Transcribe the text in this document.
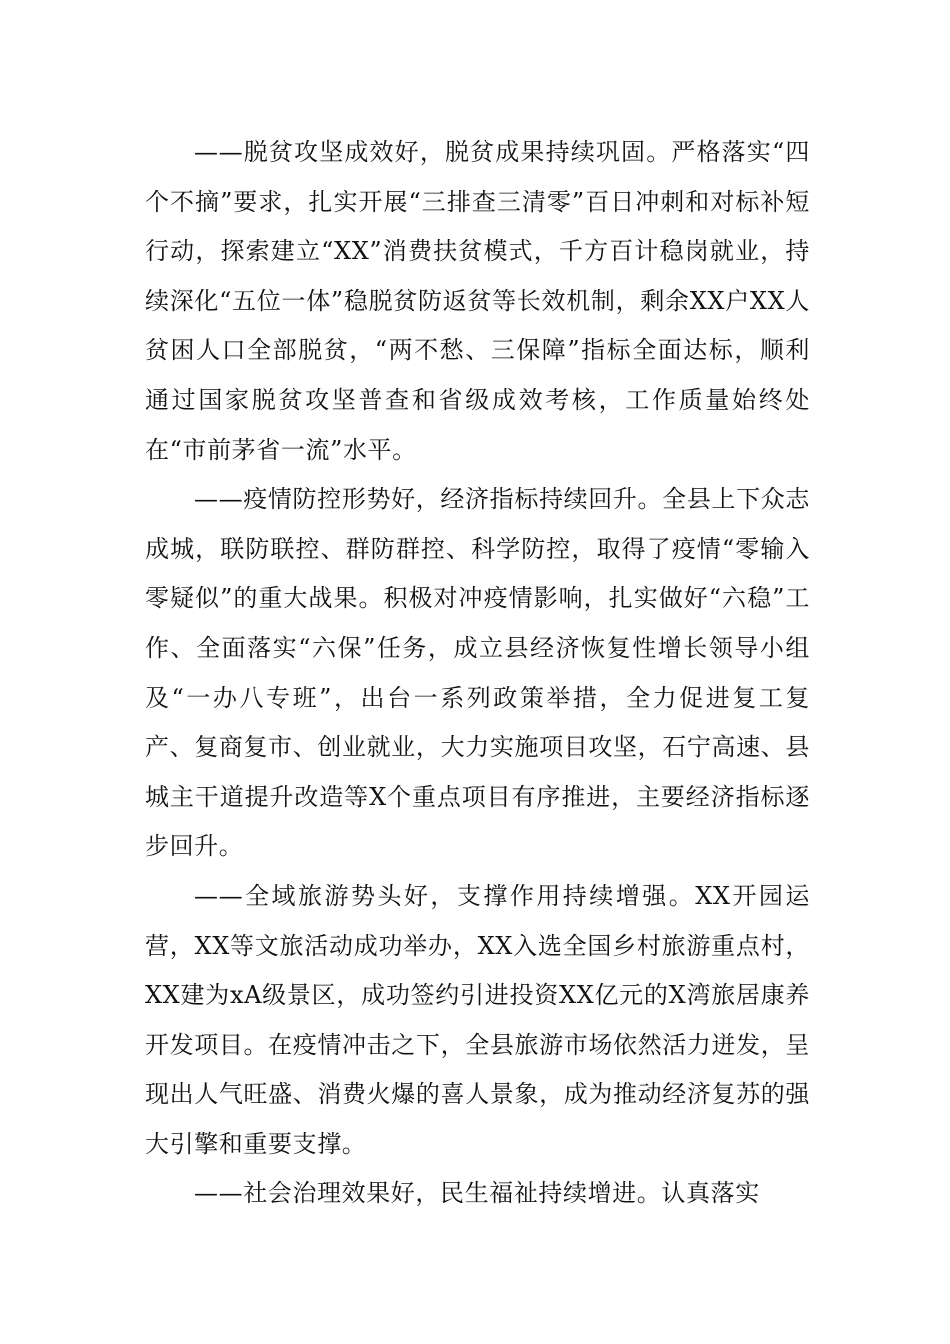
——脱贫攻坚成效好，脱贫成果持续巩固。严格落实“四个不摘”要求，扎实开展“三排查三清零”百日冲刺和对标补短行动，探索建立“XX”消费扶贫模式，千方百计稳岗就业，持续深化“五位一体”稳脱贫防返贫等长效机制，剩余XX户XX人贫困人口全部脱贫，“两不愁、三保障”指标全面达标，顺利通过国家脱贫攻坚普查和省级成效考核，工作质量始终处在“市前茅省一流”水平。

——疫情防控形势好，经济指标持续回升。全县上下众志成城，联防联控、群防群控、科学防控，取得了疫情“零输入零疑似”的重大战果。积极对冲疫情影响，扎实做好“六稳”工作、全面落实“六保”任务，成立县经济恢复性增长领导小组及“一办八专班”，出台一系列政策举措，全力促进复工复产、复商复市、创业就业，大力实施项目攻坚，石宁高速、县城主干道提升改造等X个重点项目有序推进，主要经济指标逐步回升。

——全域旅游势头好，支撑作用持续增强。XX开园运营，XX等文旅活动成功举办，XX入选全国乡村旅游重点村，XX建为xA级景区，成功签约引进投资XX亿元的X湾旅居康养开发项目。在疫情冲击之下，全县旅游市场依然活力迸发，呈现出人气旺盛、消费火爆的喜人景象，成为推动经济复苏的强大引擎和重要支撑。

——社会治理效果好，民生福祉持续增进。认真落实
